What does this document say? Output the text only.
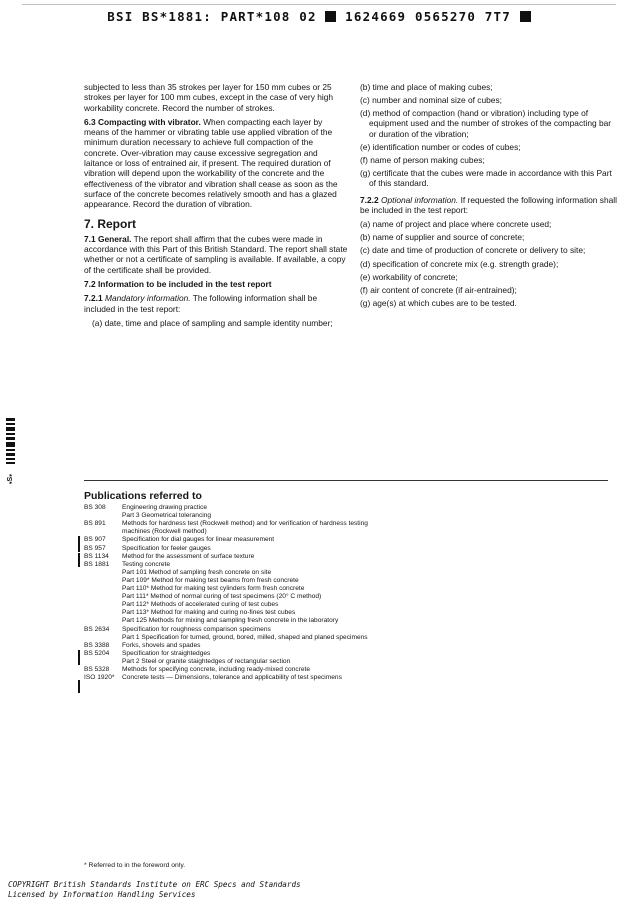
BSI BS*1881: PART*108 02 1624669 0565270 7T7

subjected to less than 35 strokes per layer for 150 mm cubes or 25 strokes per layer for 100 mm cubes, except in the case of very high workability concrete. Record the number of strokes.

6.3 Compacting with vibrator. When compacting each layer by means of the hammer or vibrating table use applied vibration of the minimum duration necessary to achieve full compaction of the concrete. Over-vibration may cause excessive segregation and laitance or loss of entrained air, if present. The required duration of vibration will depend upon the workability of the concrete and the effectiveness of the vibrator and vibration shall cease as soon as the surface of the concrete becomes relatively smooth and has a glazed appearance. Record the duration of vibration.

7. Report

7.1 General. The report shall affirm that the cubes were made in accordance with this Part of this British Standard. The report shall state whether or not a certificate of sampling is available. If available, a copy of the certificate shall be provided.

7.2 Information to be included in the test report

7.2.1 Mandatory information. The following information shall be included in the test report:

(a) date, time and place of sampling and sample identity number;

(b) time and place of making cubes;
(c) number and nominal size of cubes;
(d) method of compaction (hand or vibration) including type of equipment used and the number of strokes of the compacting bar or duration of the vibration;
(e) identification number or codes of cubes;
(f) name of person making cubes;
(g) certificate that the cubes were made in accordance with this Part of this standard.

7.2.2 Optional information. If requested the following information shall be included in the test report:

(a) name of project and place where concrete used;
(b) name of supplier and source of concrete;
(c) date and time of production of concrete or delivery to site;
(d) specification of concrete mix (e.g. strength grade);
(e) workability of concrete;
(f) air content of concrete (if air-entrained);
(g) age(s) at which cubes are to be tested.
*S*
Publications referred to
BS 308 Engineering drawing practice
Part 3 Geometrical tolerancing
BS 891 Methods for hardness test (Rockwell method) and for verification of hardness testing
machines (Rockwell method)
BS 907 Specification for dial gauges for linear measurement
BS 957 Specification for feeler gauges
BS 1134 Method for the assessment of surface texture
BS 1881 Testing concrete
Part 101 Method of sampling fresh concrete on site
Part 109* Method for making test beams from fresh concrete
Part 110* Method for making test cylinders form fresh concrete
Part 111* Method of normal curing of test specimens (20° C method)
Part 112* Methods of accelerated curing of test cubes
Part 113* Method for making and curing no-fines test cubes
Part 125 Methods for mixing and sampling fresh concrete in the laboratory
BS 2634 Specification for roughness comparison specimens
Part 1 Specification for turned, ground, bored, milled, shaped and planed specimens
BS 3388 Forks, shovels and spades
BS 5204 Specification for straightedges
Part 2 Steel or granite staightedges of rectangular section
BS 5328 Methods for specifying concrete, including ready-mixed concrete
ISO 1920* Concrete tests — Dimensions, tolerance and applicability of test specimens
* Referred to in the foreword only.
COPYRIGHT British Standards Institute on ERC Specs and Standards
Licensed by Information Handling Services
